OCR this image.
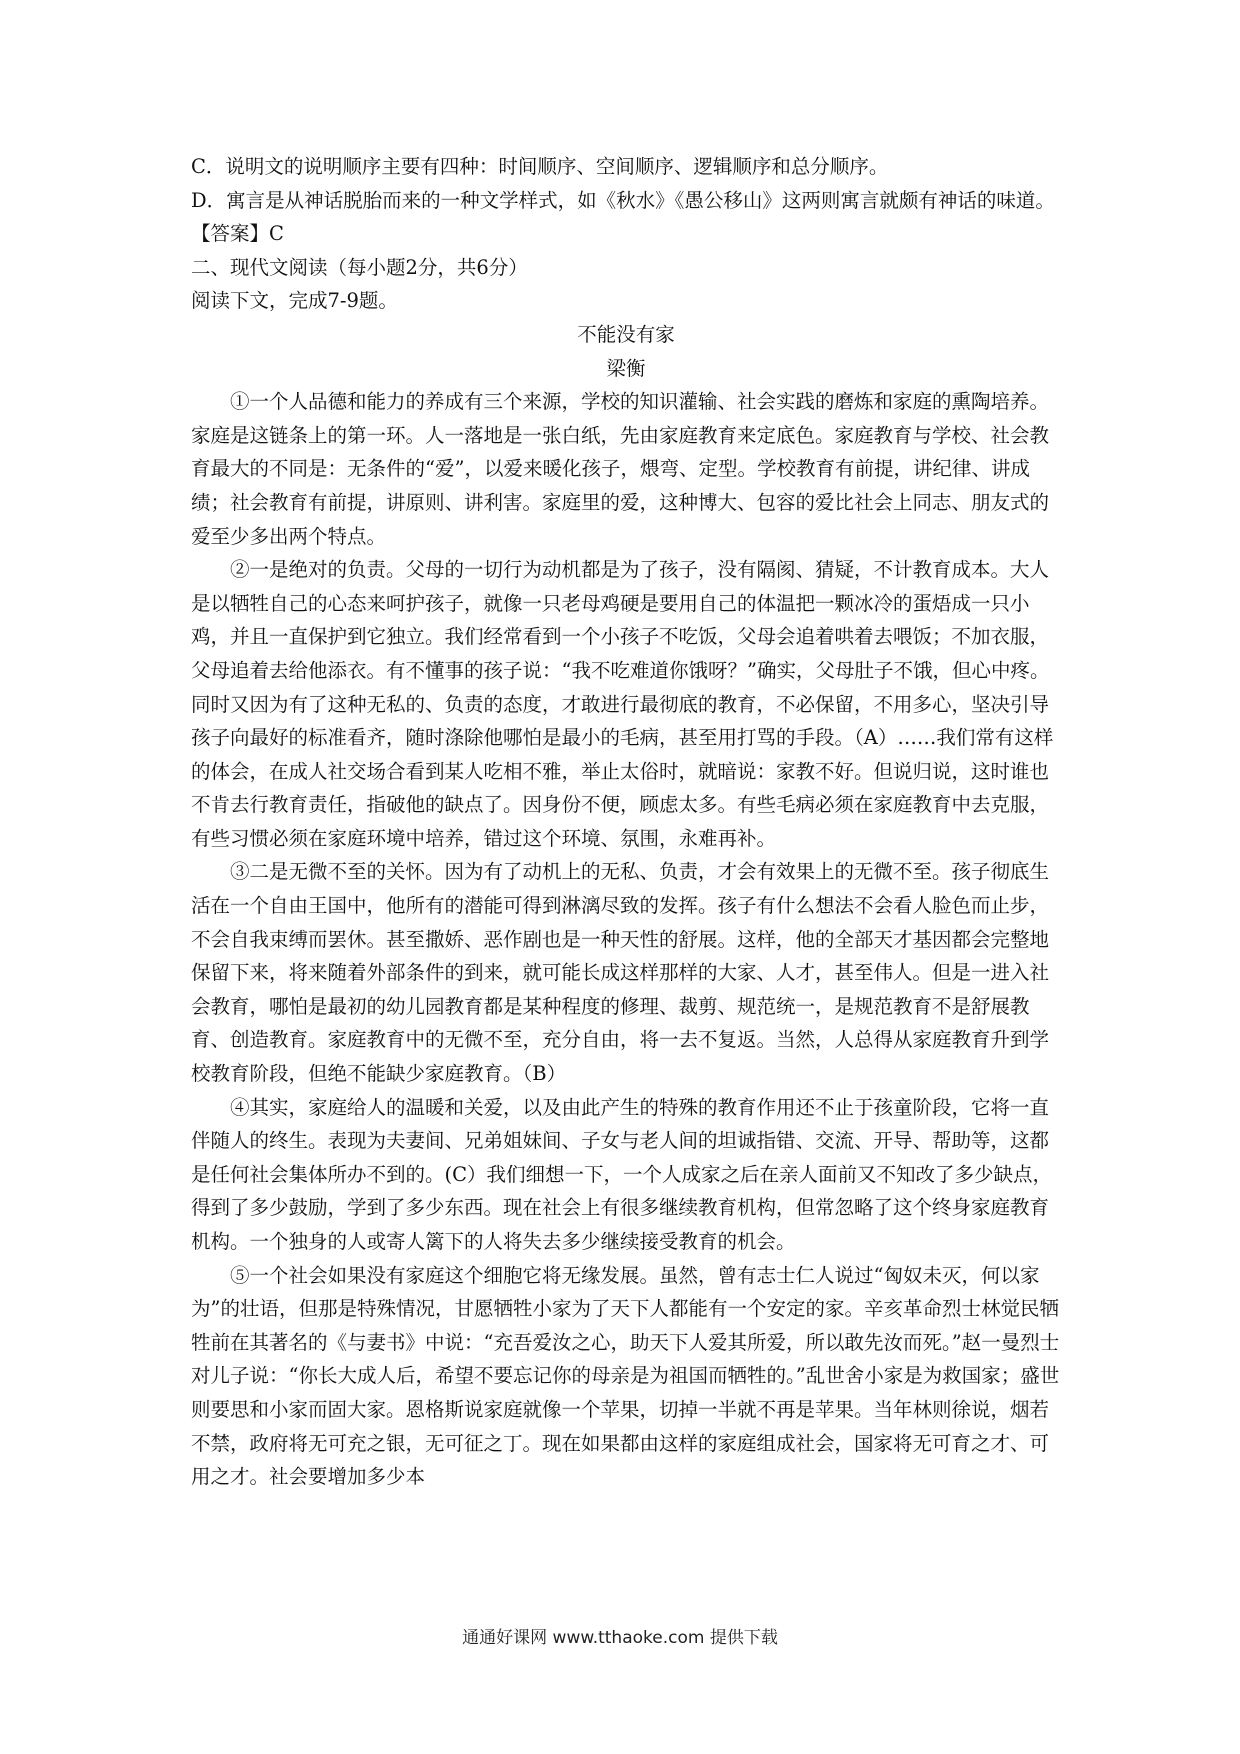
C．说明文的说明顺序主要有四种：时间顺序、空间顺序、逻辑顺序和总分顺序。

D．寓言是从神话脱胎而来的一种文学样式，如《秋水》《愚公移山》这两则寓言就颇有神话的味道。

【答案】C

二、现代文阅读（每小题2分，共6分）

阅读下文，完成7-9题。

不能没有家

梁衡

①一个人品德和能力的养成有三个来源，学校的知识灌输、社会实践的磨炼和家庭的熏陶培养。家庭是这链条上的第一环。人一落地是一张白纸，先由家庭教育来定底色。家庭教育与学校、社会教育最大的不同是：无条件的“爱”，以爱来暖化孩子，煨弯、定型。学校教育有前提，讲纪律、讲成绩；社会教育有前提，讲原则、讲利害。家庭里的爱，这种博大、包容的爱比社会上同志、朋友式的爱至少多出两个特点。

②一是绝对的负责。父母的一切行为动机都是为了孩子，没有隔阂、猜疑，不计教育成本。大人是以牺牲自己的心态来呵护孩子，就像一只老母鸡硬是要用自己的体温把一颗冰冷的蛋焐成一只小鸡，并且一直保护到它独立。我们经常看到一个小孩子不吃饭，父母会追着哄着去喂饭；不加衣服，父母追着去给他添衣。有不懂事的孩子说：“我不吃难道你饿呀？”确实，父母肚子不饿，但心中疼。同时又因为有了这种无私的、负责的态度，才敢进行最彻底的教育，不必保留，不用多心，坚决引导孩子向最好的标准看齐，随时涤除他哪怕是最小的毛病，甚至用打骂的手段。（A）……我们常有这样的体会，在成人社交场合看到某人吃相不雅，举止太俗时，就暗说：家教不好。但说归说，这时谁也不肯去行教育责任，指破他的缺点了。因身份不便，顾虑太多。有些毛病必须在家庭教育中去克服，有些习惯必须在家庭环境中培养，错过这个环境、氛围，永难再补。

③二是无微不至的关怀。因为有了动机上的无私、负责，才会有效果上的无微不至。孩子彻底生活在一个自由王国中，他所有的潜能可得到淋漓尽致的发挥。孩子有什么想法不会看人脸色而止步，不会自我束缚而罢休。甚至撒娇、恶作剧也是一种天性的舒展。这样，他的全部天才基因都会完整地保留下来，将来随着外部条件的到来，就可能长成这样那样的大家、人才，甚至伟人。但是一进入社会教育，哪怕是最初的幼儿园教育都是某种程度的修理、裁剪、规范统一，是规范教育不是舒展教育、创造教育。家庭教育中的无微不至，充分自由，将一去不复返。当然，人总得从家庭教育升到学校教育阶段，但绝不能缺少家庭教育。（B）

④其实，家庭给人的温暖和关爱，以及由此产生的特殊的教育作用还不止于孩童阶段，它将一直伴随人的终生。表现为夫妻间、兄弟姐妹间、子女与老人间的坦诚指错、交流、开导、帮助等，这都是任何社会集体所办不到的。(C）我们细想一下，一个人成家之后在亲人面前又不知改了多少缺点，得到了多少鼓励，学到了多少东西。现在社会上有很多继续教育机构，但常忽略了这个终身家庭教育机构。一个独身的人或寄人篱下的人将失去多少继续接受教育的机会。

⑤一个社会如果没有家庭这个细胞它将无缘发展。虽然，曾有志士仁人说过“匈奴未灭，何以家为”的壮语，但那是特殊情况，甘愿牺牲小家为了天下人都能有一个安定的家。辛亥革命烈士林觉民牺牲前在其著名的《与妻书》中说：“充吾爱汝之心，助天下人爱其所爱，所以敢先汝而死。”赵一曼烈士对儿子说：“你长大成人后，希望不要忘记你的母亲是为祖国而牺牲的。”乱世舍小家是为救国家；盛世则要思和小家而固大家。恩格斯说家庭就像一个苹果，切掉一半就不再是苹果。当年林则徐说，烟若不禁，政府将无可充之银，无可征之丁。现在如果都由这样的家庭组成社会，国家将无可育之才、可用之才。社会要增加多少本

通通好课网 www.tthaoke.com 提供下载
